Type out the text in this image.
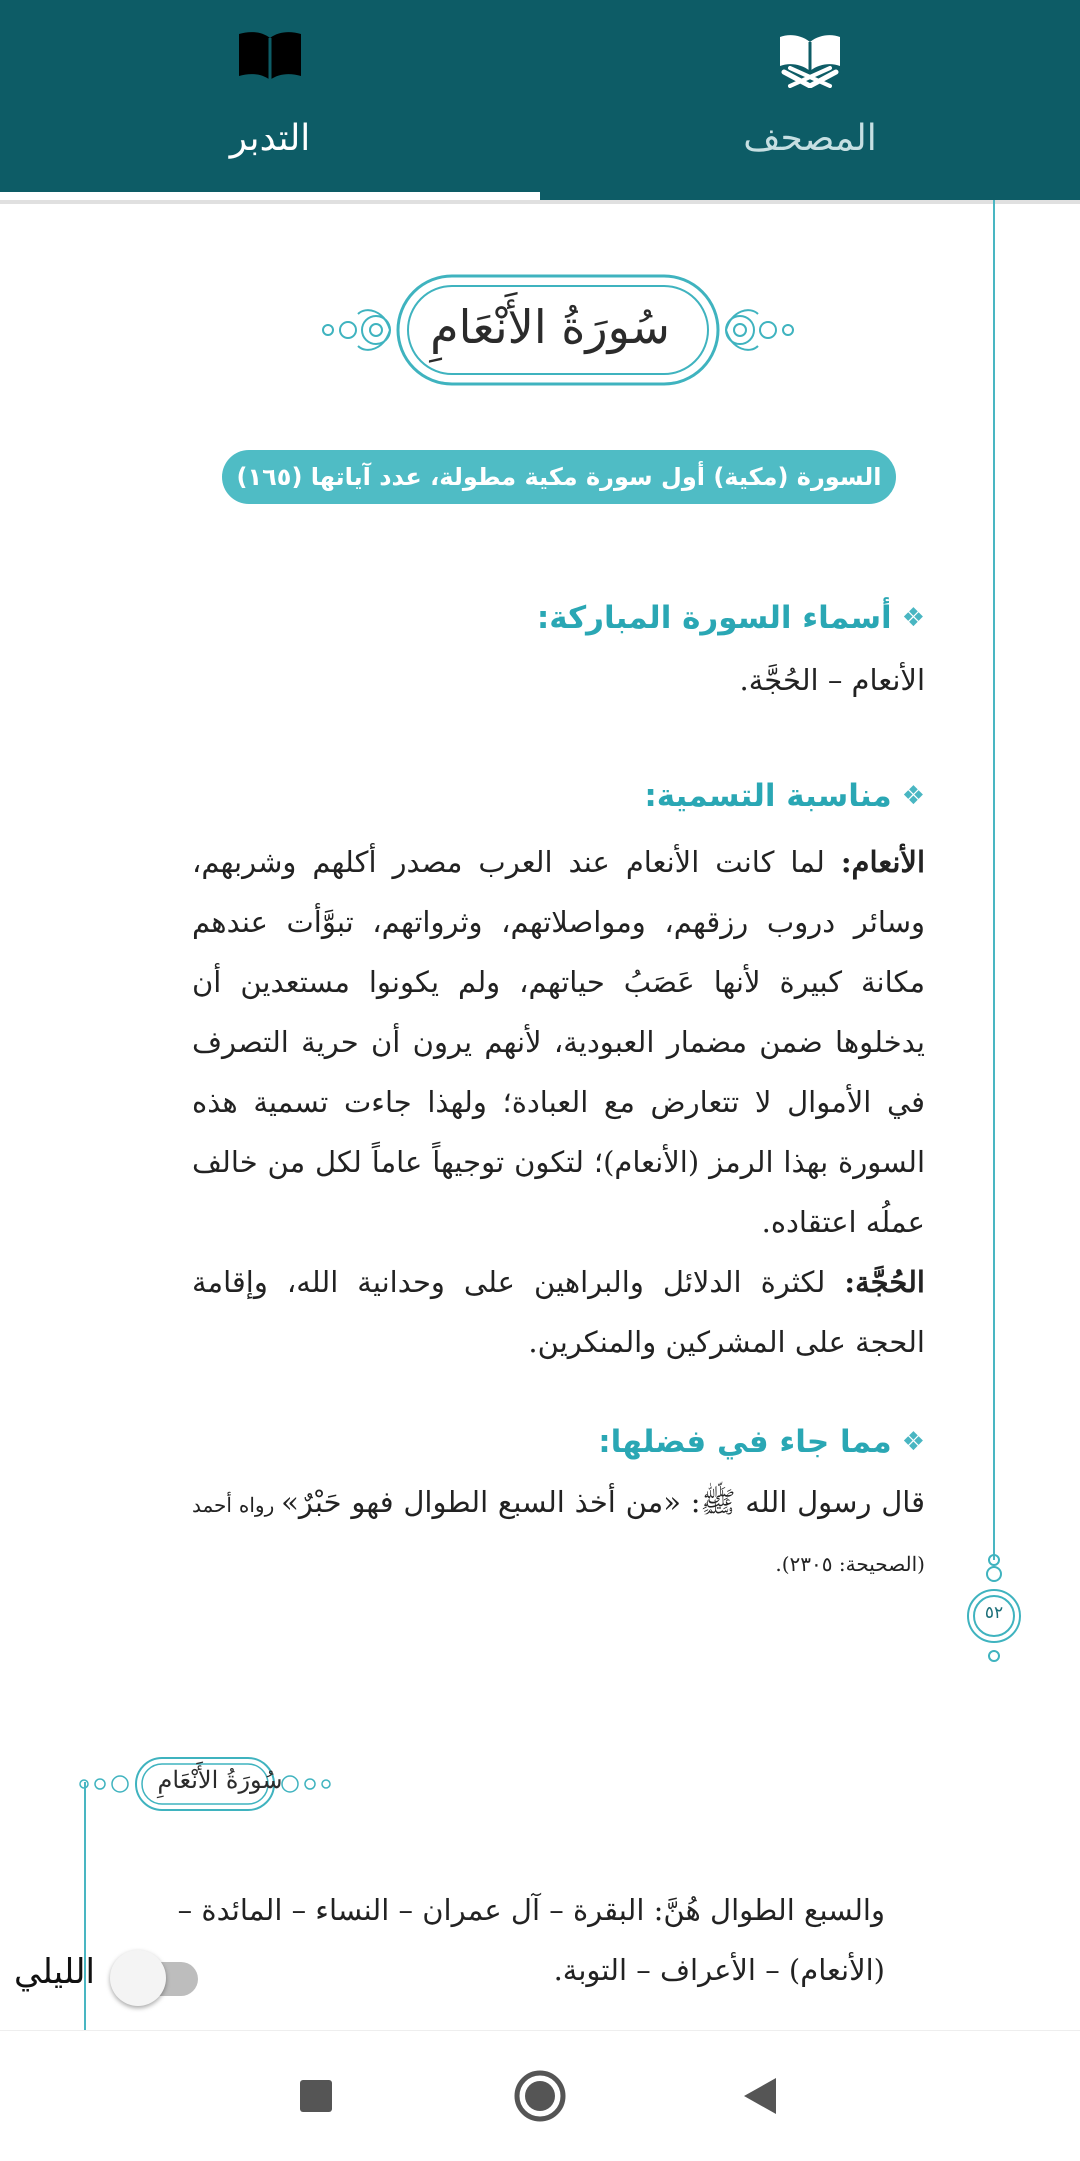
المصحف
التدبر
سُورَةُ الأَنْعَامِ
السورة (مكية) أول سورة مكية مطولة، عدد آياتها (١٦٥)
❖
أسماء السورة المباركة:
الأنعام – الحُجَّة.
❖
مناسبة التسمية:
الأنعام: لما كانت الأنعام عند العرب مصدر أكلهم وشربهم، وسائر دروب رزقهم، ومواصلاتهم، وثرواتهم، تبوَّأت عندهم مكانة كبيرة لأنها عَصَبُ حياتهم، ولم يكونوا مستعدين أن يدخلوها ضمن مضمار العبودية، لأنهم يرون أن حرية التصرف في الأموال لا تتعارض مع العبادة؛ ولهذا جاءت تسمية هذه السورة بهذا الرمز (الأنعام)؛ لتكون توجيهاً عاماً لكل من خالف عملُه اعتقاده.
الحُجَّة: لكثرة الدلائل والبراهين على وحدانية الله، وإقامة الحجة على المشركين والمنكرين.
❖
مما جاء في فضلها:
قال رسول الله ﷺ: «من أخذ السبع الطوال فهو حَبْرٌ» رواه أحمد (الصحيحة: ٢٣٠٥).
٥٢
سُورَةُ الأَنْعَامِ
والسبع الطوال هُنَّ: البقرة – آل عمران – النساء – المائدة – (الأنعام) – الأعراف – التوبة.
الليلي
